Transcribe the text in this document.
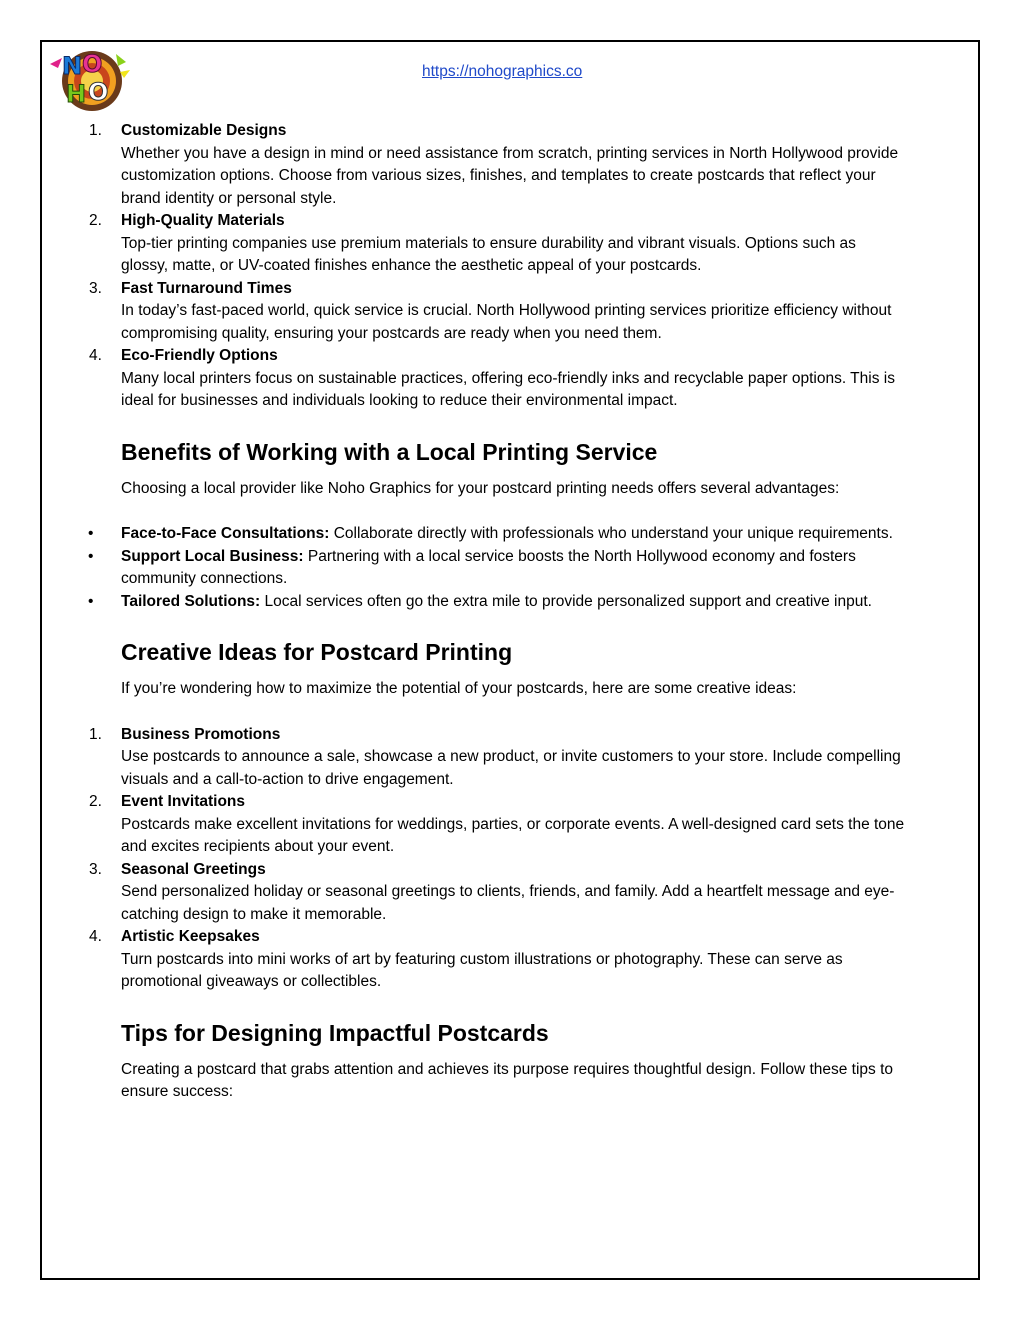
N O
H O
https://nohographics.co
1. Customizable Designs
Whether you have a design in mind or need assistance from scratch, printing services in North Hollywood provide customization options. Choose from various sizes, finishes, and templates to create postcards that reflect your brand identity or personal style.
2. High-Quality Materials
Top-tier printing companies use premium materials to ensure durability and vibrant visuals. Options such as glossy, matte, or UV-coated finishes enhance the aesthetic appeal of your postcards.
3. Fast Turnaround Times
In today’s fast-paced world, quick service is crucial. North Hollywood printing services prioritize efficiency without compromising quality, ensuring your postcards are ready when you need them.
4. Eco-Friendly Options
Many local printers focus on sustainable practices, offering eco-friendly inks and recyclable paper options. This is ideal for businesses and individuals looking to reduce their environmental impact.
Benefits of Working with a Local Printing Service

Choosing a local provider like Noho Graphics for your postcard printing needs offers several advantages:

• Face-to-Face Consultations: Collaborate directly with professionals who understand your unique requirements.
• Support Local Business: Partnering with a local service boosts the North Hollywood economy and fosters community connections.
• Tailored Solutions: Local services often go the extra mile to provide personalized support and creative input.
Creative Ideas for Postcard Printing

If you’re wondering how to maximize the potential of your postcards, here are some creative ideas:

1. Business Promotions
Use postcards to announce a sale, showcase a new product, or invite customers to your store. Include compelling visuals and a call-to-action to drive engagement.
2. Event Invitations
Postcards make excellent invitations for weddings, parties, or corporate events. A well-designed card sets the tone and excites recipients about your event.
3. Seasonal Greetings
Send personalized holiday or seasonal greetings to clients, friends, and family. Add a heartfelt message and eye-catching design to make it memorable.
4. Artistic Keepsakes
Turn postcards into mini works of art by featuring custom illustrations or photography. These can serve as promotional giveaways or collectibles.
Tips for Designing Impactful Postcards

Creating a postcard that grabs attention and achieves its purpose requires thoughtful design. Follow these tips to ensure success:
